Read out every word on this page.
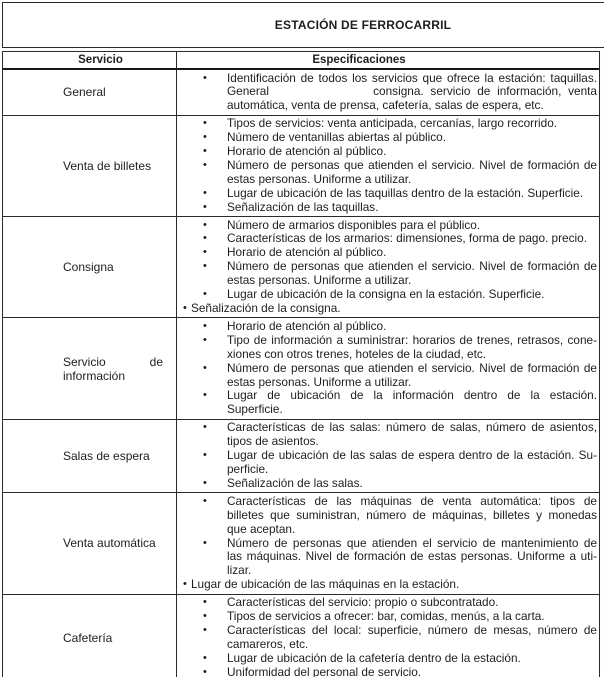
ESTACIÓN DE FERROCARRIL
Servicio	Especificaciones
General
• Identificación de todos los servicios que ofrece la estación: taquillas.
General	consigna. servicio de información, venta
automática, venta de prensa, cafetería, salas de espera, etc.
Venta de billetes
• Tipos de servicios: venta anticipada, cercanías, largo recorrido.
• Número de ventanillas abiertas al público.
• Horario de atención al público.
• Número de personas que atienden el servicio. Nivel de formación de
estas personas. Uniforme a utilizar.
• Lugar de ubicación de las taquillas dentro de la estación. Superficie.
• Señalización de las taquillas.
Consigna
• Número de armarios disponibles para el público.
• Características de los armarios: dimensiones, forma de pago. precio.
• Horario de atención al público.
• Número de personas que atienden el servicio. Nivel de formación de
estas personas. Uniforme a utilizar.
• Lugar de ubicación de la consigna en la estación. Superficie.
• Señalización de la consigna.
Servicio de información
• Horario de atención al público.
• Tipo de información a suministrar: horarios de trenes, retrasos, cone-
xiones con otros trenes, hoteles de la ciudad, etc.
• Número de personas que atienden el servicio. Nivel de formación de
estas personas. Uniforme a utilizar.
• Lugar de ubicación de la información dentro de la estación.
Superficie.
Salas de espera
• Características de las salas: número de salas, número de asientos,
tipos de asientos.
• Lugar de ubicación de las salas de espera dentro de la estación. Su-
perficie.
• Señalización de las salas.
Venta automática
• Características de las máquinas de venta automática: tipos de
billetes que suministran, número de máquinas, billetes y monedas
que aceptan.
• Número de personas que atienden el servicio de mantenimiento de
las máquinas. Nivel de formación de estas personas. Uniforme a uti-
lizar.
• Lugar de ubicación de las máquinas en la estación.
Cafetería
• Características del servicio: propio o subcontratado.
• Tipos de servicios a ofrecer: bar, comidas, menús, a la carta.
• Características del local: superficie, número de mesas, número de
camareros, etc.
• Lugar de ubicación de la cafetería dentro de la estación.
• Uniformidad del personal de servicio.
